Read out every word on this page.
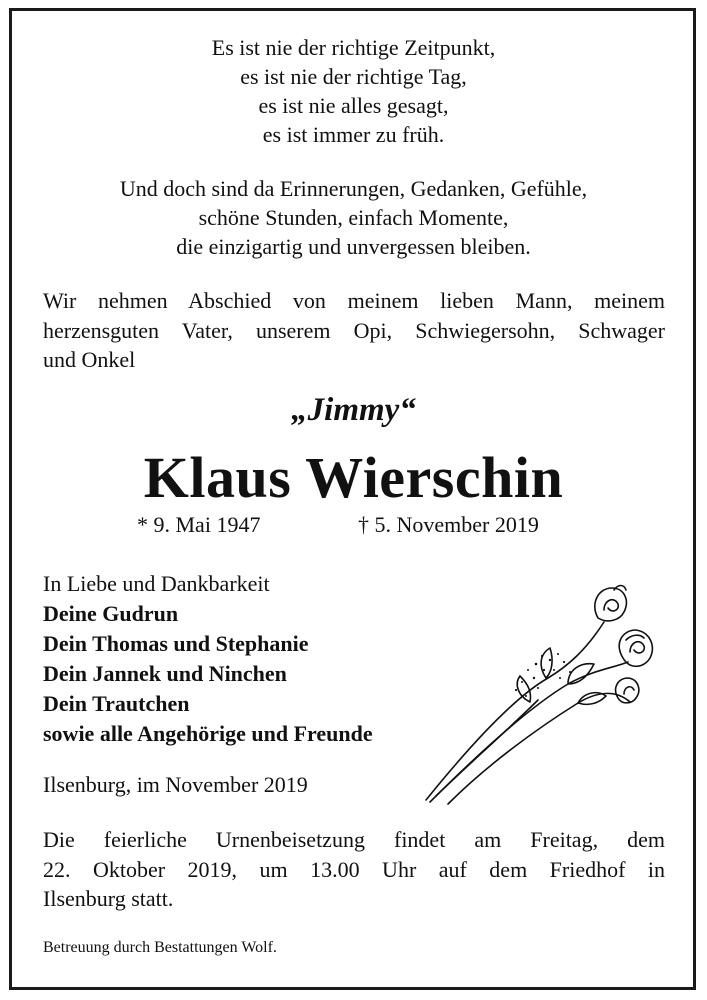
Es ist nie der richtige Zeitpunkt,
es ist nie der richtige Tag,
es ist nie alles gesagt,
es ist immer zu früh.
Und doch sind da Erinnerungen, Gedanken, Gefühle,
schöne Stunden, einfach Momente,
die einzigartig und unvergessen bleiben.
Wir nehmen Abschied von meinem lieben Mann, meinem
herzensguten Vater, unserem Opi, Schwiegersohn, Schwager
und Onkel
„Jimmy“
Klaus Wierschin
* 9. Mai 1947	† 5. November 2019
In Liebe und Dankbarkeit
Deine Gudrun
Dein Thomas und Stephanie
Dein Jannek und Ninchen
Dein Trautchen
sowie alle Angehörige und Freunde
Ilsenburg, im November 2019
Die feierliche Urnenbeisetzung findet am Freitag, dem
22. Oktober 2019, um 13.00 Uhr auf dem Friedhof in
Ilsenburg statt.
Betreuung durch Bestattungen Wolf.
